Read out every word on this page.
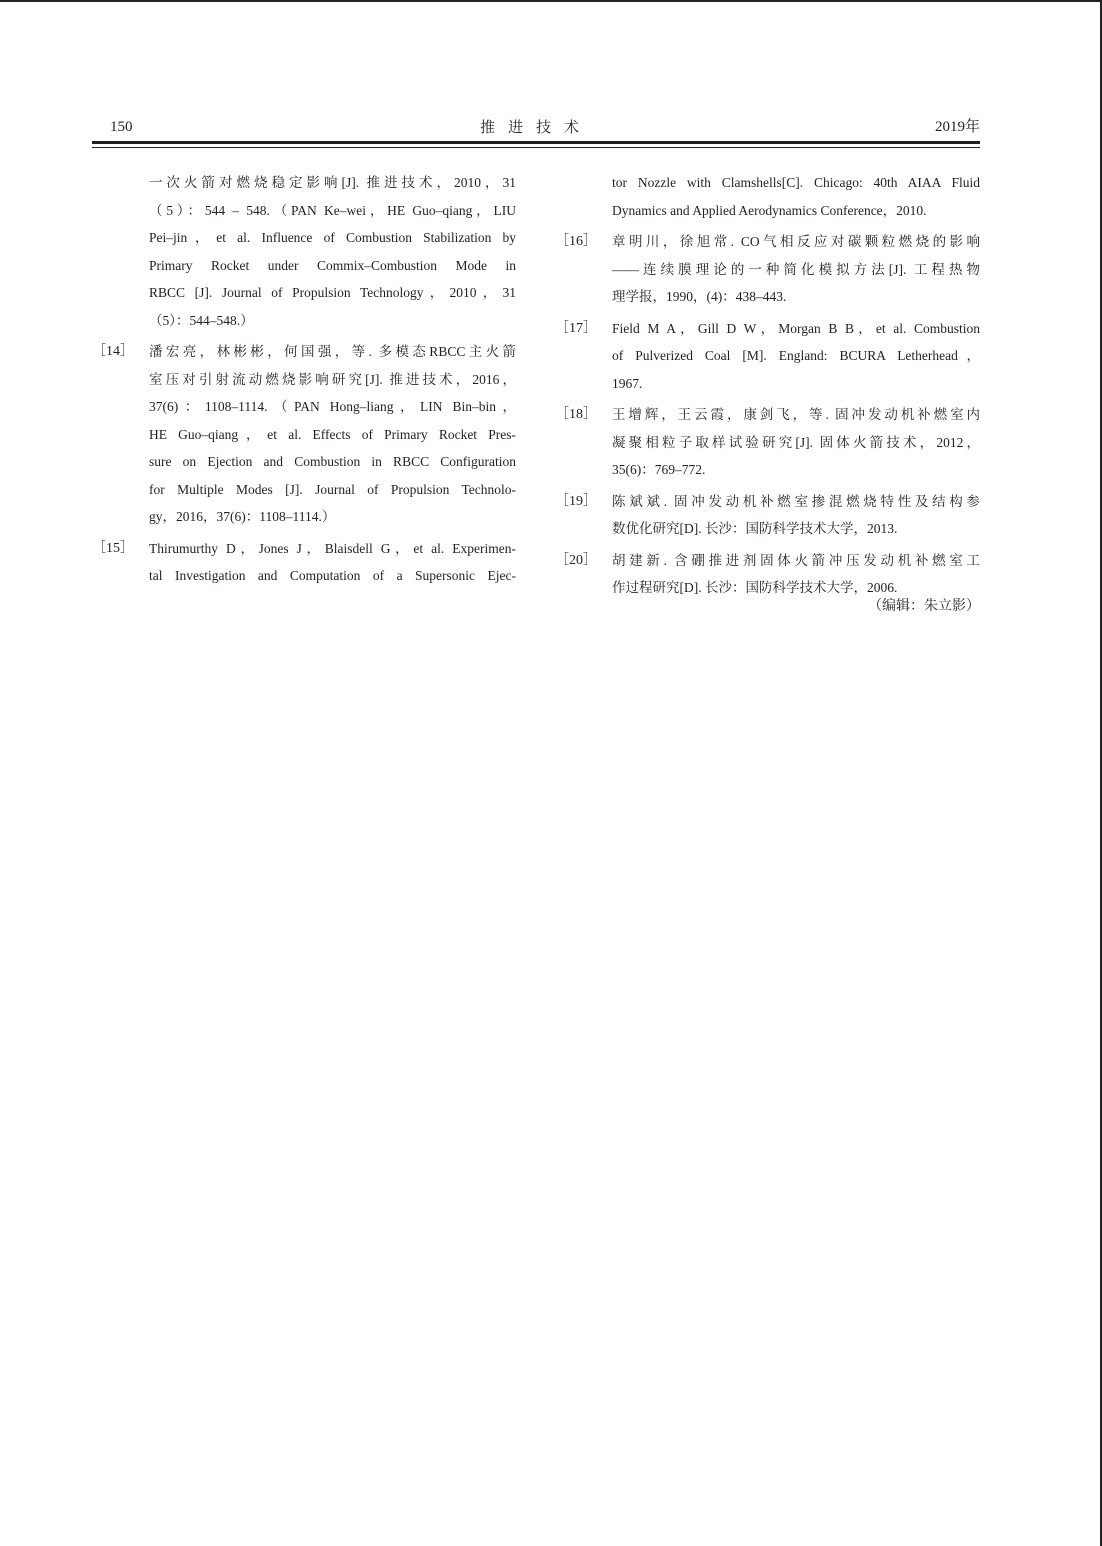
150	推进技术	2019年
一次火箭对燃烧稳定影响[J]. 推进技术，2010，31
（5）：544 – 548.（PAN Ke–wei，HE Guo–qiang，LIU
Pei–jin，et al. Influence of Combustion Stabilization by
Primary Rocket under Commix–Combustion Mode in
RBCC [J]. Journal of Propulsion Technology，2010，31
（5）：544–548.）
［14］ 潘宏亮，林彬彬，何国强，等. 多模态RBCC主火箭
室压对引射流动燃烧影响研究[J]. 推进技术，2016，
37(6)：1108–1114.（PAN Hong–liang，LIN Bin–bin，
HE Guo–qiang，et al. Effects of Primary Rocket Pres-
sure on Ejection and Combustion in RBCC Configuration
for Multiple Modes [J]. Journal of Propulsion Technolo-
gy，2016，37(6)：1108–1114.）
［15］ Thirumurthy D，Jones J，Blaisdell G，et al. Experimen-
tal Investigation and Computation of a Supersonic Ejec-
tor Nozzle with Clamshells[C]. Chicago: 40th AIAA Fluid
Dynamics and Applied Aerodynamics Conference，2010.
［16］ 章明川，徐旭常. CO气相反应对碳颗粒燃烧的影响
——连续膜理论的一种简化模拟方法[J]. 工程热物
理学报，1990，(4)：438–443.
［17］ Field M A，Gill D W，Morgan B B，et al. Combustion
of Pulverized Coal [M]. England: BCURA Letherhead，
1967.
［18］ 王增辉，王云霞，康剑飞，等. 固冲发动机补燃室内
凝聚相粒子取样试验研究[J]. 固体火箭技术，2012，
35(6)：769–772.
［19］ 陈斌斌. 固冲发动机补燃室掺混燃烧特性及结构参
数优化研究[D]. 长沙：国防科学技术大学，2013.
［20］ 胡建新. 含硼推进剂固体火箭冲压发动机补燃室工
作过程研究[D]. 长沙：国防科学技术大学，2006.
（编辑：朱立影）
